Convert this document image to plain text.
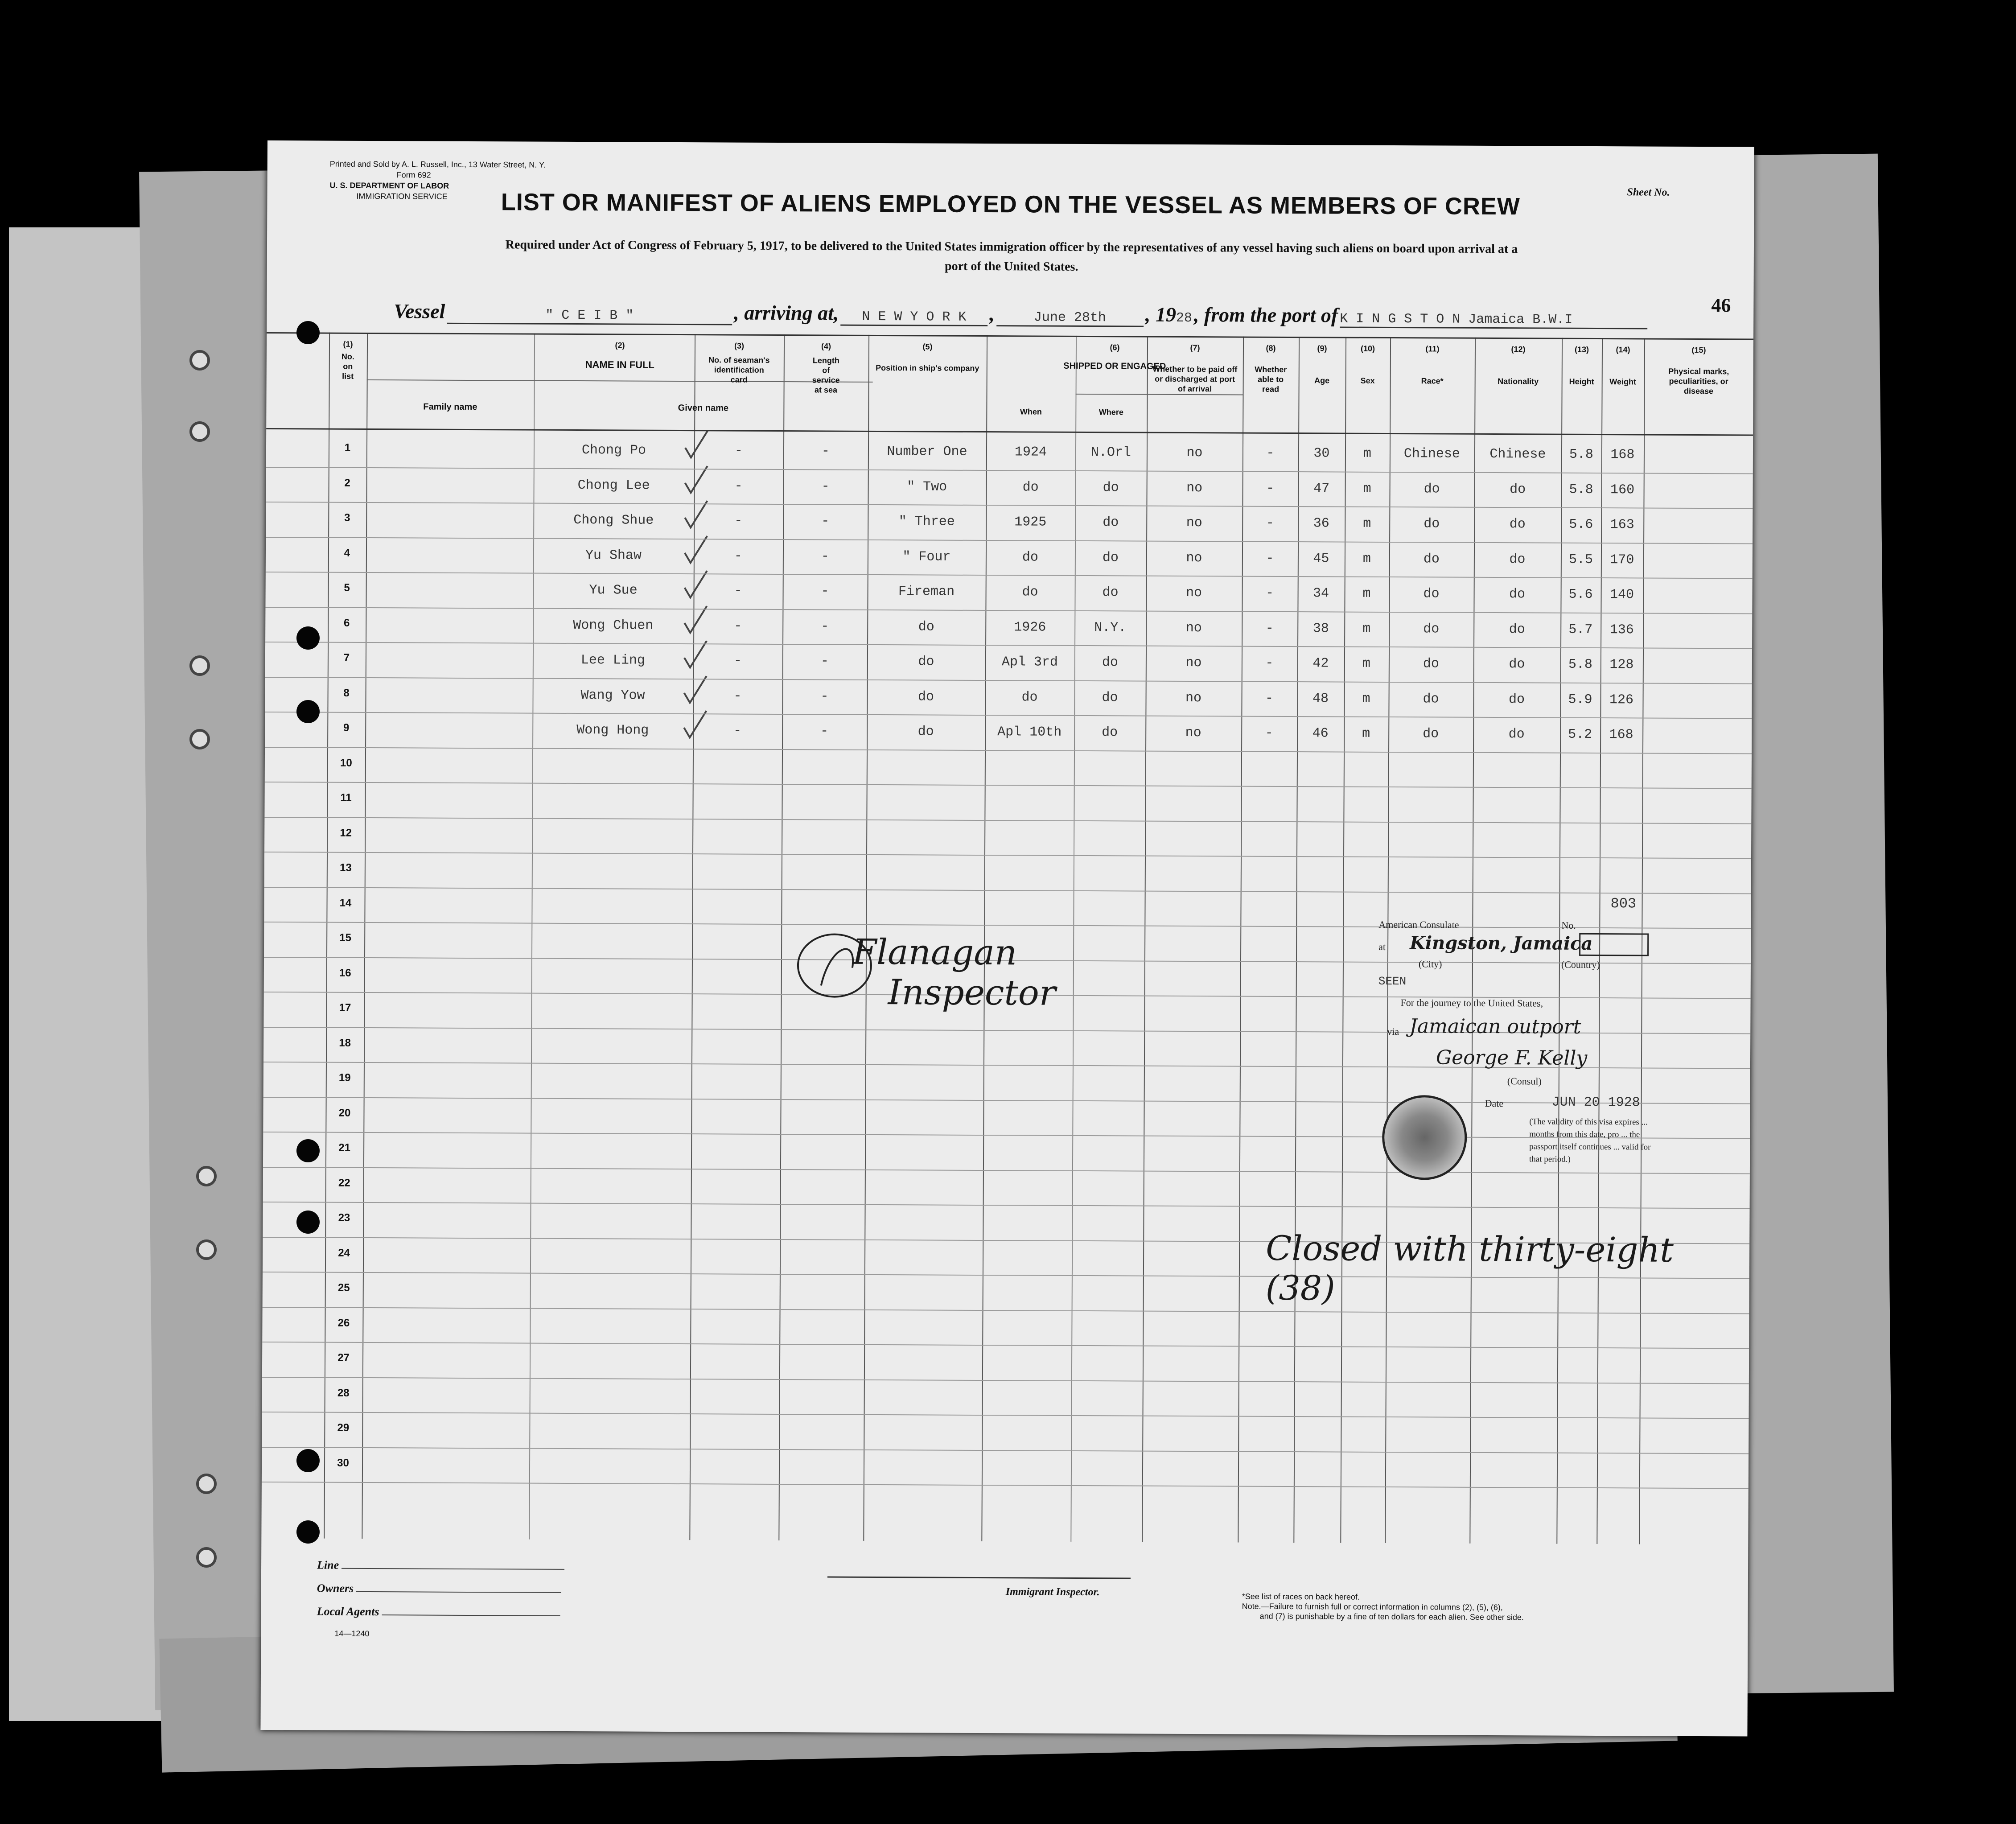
Printed and Sold by A. L. Russell, Inc., 13 Water Street, N. Y.
Form 692
U. S. DEPARTMENT OF LABOR
IMMIGRATION SERVICE	Sheet No.
LIST OR MANIFEST OF ALIENS EMPLOYED ON THE VESSEL AS MEMBERS OF CREW
Required under Act of Congress of February 5, 1917, to be delivered to the United States immigration officer by the representatives of any vessel having such aliens on board upon arrival at a
port of the United States.
46
Vessel	" C E I B "	, arriving at, N E W Y O R K ,	June 28th , 1928 , from the port of K I N G S T O N Jamaica B.W.I
(1)
No. on list
(2)
NAME IN FULL
Family name	Given name
(3)
No. of seaman's identification card
(4)
Length of service at sea
(5)
Position in ship's company
(6)
SHIPPED OR ENGAGED
When	Where
(7)
Whether to be paid off or discharged at port of arrival
(8)
Whether able to read
(9)
Age
(10)
Sex
(11)
Race*
(12)
Nationality
(13)
Height
(14)
Weight
(15)
Physical marks, peculiarities, or disease
1	Chong Po	-	-	Number One	1924	N.Orl	no	-	30	m	Chinese	Chinese	5.8	168
2	Chong Lee	-	-	" Two	do	do	no	-	47	m	do	do	5.8	160
3	Chong Shue	-	-	" Three	1925	do	no	-	36	m	do	do	5.6	163
4	Yu Shaw	-	-	" Four	do	do	no	-	45	m	do	do	5.5	170
5	Yu Sue	-	-	Fireman	do	do	no	-	34	m	do	do	5.6	140
6	Wong Chuen	-	-	do	1926	N.Y.	no	-	38	m	do	do	5.7	136
7	Lee Ling	-	-	do	Apl 3rd	do	no	-	42	m	do	do	5.8	128
8	Wang Yow	-	-	do	do	do	no	-	48	m	do	do	5.9	126
9	Wong Hong	-	-	do	Apl 10th	do	no	-	46	m	do	do	5.2	168
10
11
12
13
14
15
16
17
18
19
20
21
22
23
24
25
26
27
28
29
30
803
Flanagan
Inspector
American Consulate	No.
at Kingston, Jamaica
(City)	(Country)
SEEN
For the journey to the United States,
via Jamaican outport
George F. Kelly
(Consul)
Date	JUN 20 1928
(The validity of this visa expires ... months from this date, pro ... the passport itself continues ... valid for that period.)
Closed with thirty-eight (38)
Line
Owners
Local Agents
14—1240
Immigrant Inspector.	*See list of races on back hereof.
Note.—Failure to furnish full or correct information in columns (2), (5), (6),
and (7) is punishable by a fine of ten dollars for each alien. See other side.
